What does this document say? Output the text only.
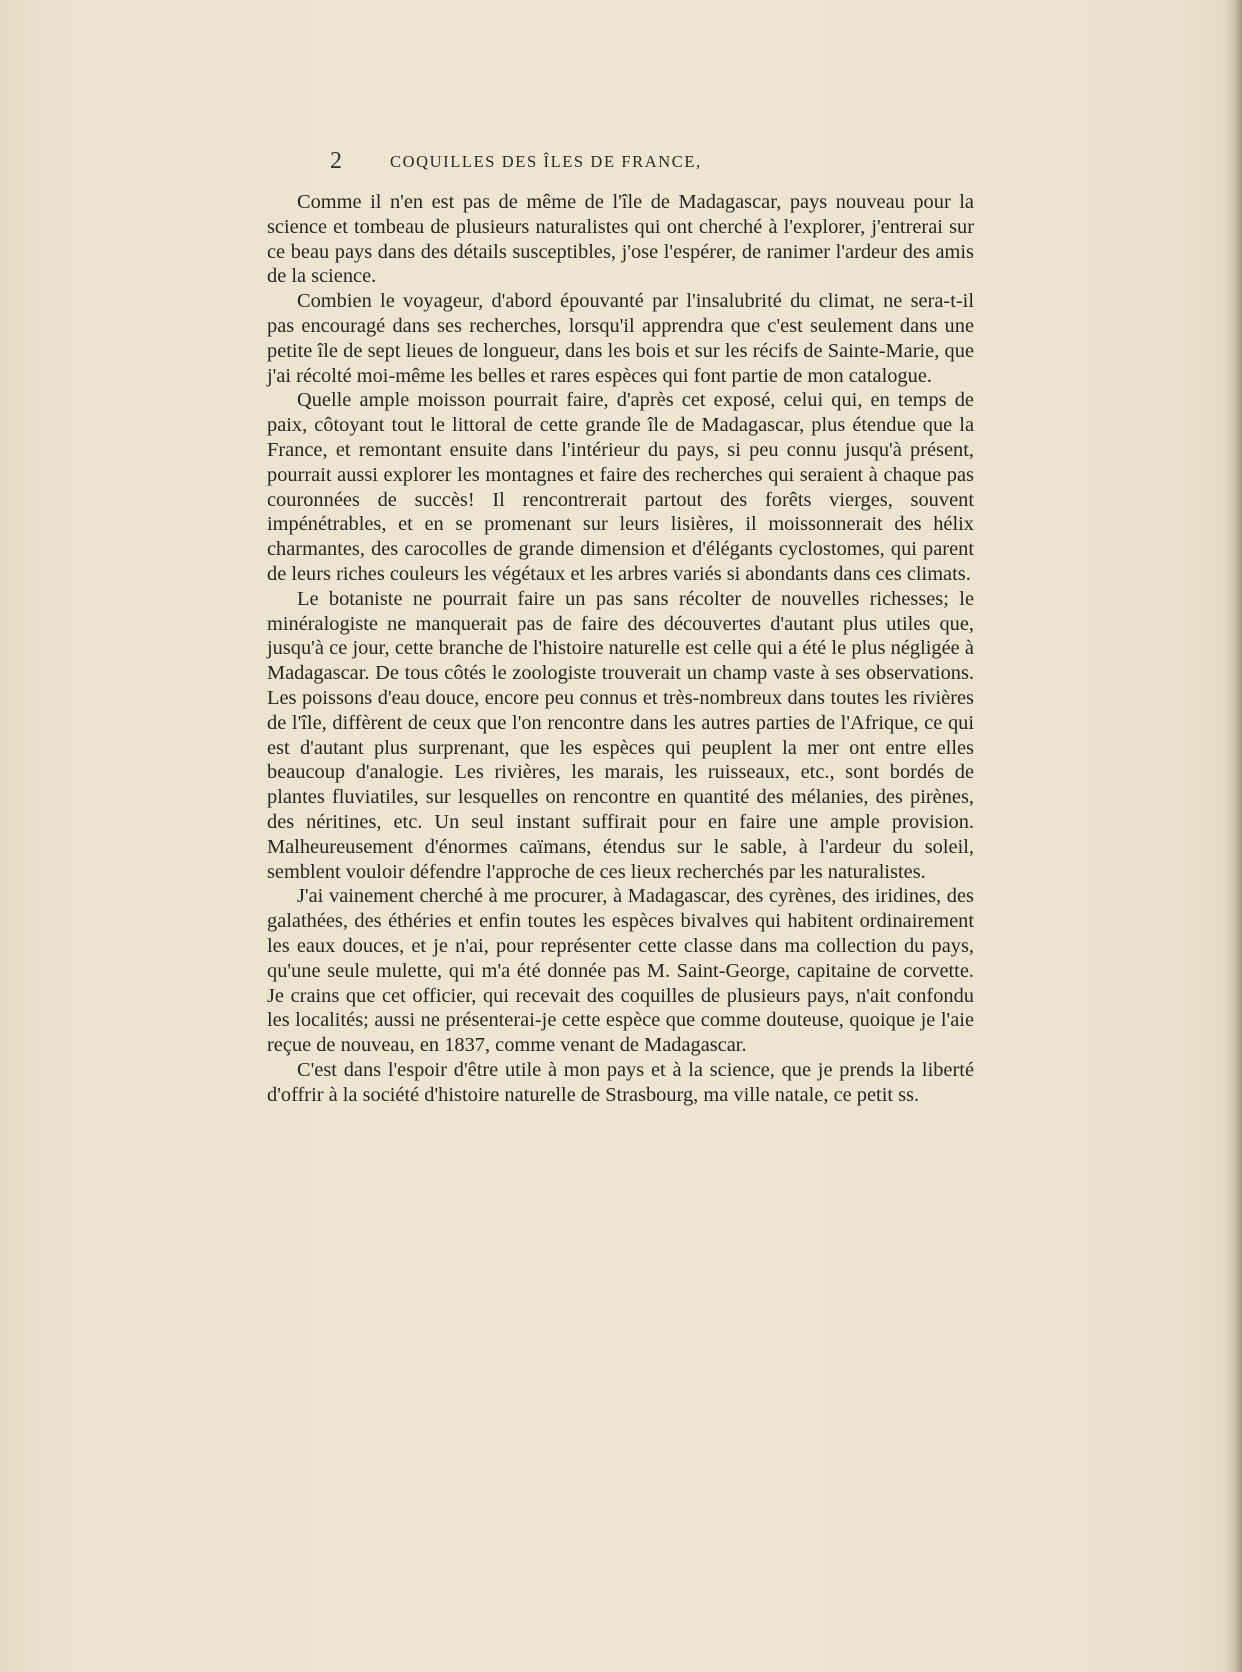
2	COQUILLES DES ÎLES DE FRANCE,

Comme il n'en est pas de même de l'île de Madagascar, pays nouveau pour la science et tombeau de plusieurs naturalistes qui ont cherché à l'explorer, j'entrerai sur ce beau pays dans des détails susceptibles, j'ose l'espérer, de ranimer l'ardeur des amis de la science.

Combien le voyageur, d'abord épouvanté par l'insalubrité du climat, ne sera-t-il pas encouragé dans ses recherches, lorsqu'il apprendra que c'est seulement dans une petite île de sept lieues de longueur, dans les bois et sur les récifs de Sainte-Marie, que j'ai récolté moi-même les belles et rares espèces qui font partie de mon catalogue.

Quelle ample moisson pourrait faire, d'après cet exposé, celui qui, en temps de paix, côtoyant tout le littoral de cette grande île de Madagascar, plus étendue que la France, et remontant ensuite dans l'intérieur du pays, si peu connu jusqu'à présent, pourrait aussi explorer les montagnes et faire des recherches qui seraient à chaque pas couronnées de succès! Il rencontrerait partout des forêts vierges, souvent impénétrables, et en se promenant sur leurs lisières, il moissonnerait des hélix charmantes, des carocolles de grande dimension et d'élégants cyclostomes, qui parent de leurs riches couleurs les végétaux et les arbres variés si abondants dans ces climats.

Le botaniste ne pourrait faire un pas sans récolter de nouvelles richesses; le minéralogiste ne manquerait pas de faire des découvertes d'autant plus utiles que, jusqu'à ce jour, cette branche de l'histoire naturelle est celle qui a été le plus négligée à Madagascar. De tous côtés le zoologiste trouverait un champ vaste à ses observations. Les poissons d'eau douce, encore peu connus et très-nombreux dans toutes les rivières de l'île, diffèrent de ceux que l'on rencontre dans les autres parties de l'Afrique, ce qui est d'autant plus surprenant, que les espèces qui peuplent la mer ont entre elles beaucoup d'analogie. Les rivières, les marais, les ruisseaux, etc., sont bordés de plantes fluviatiles, sur lesquelles on rencontre en quantité des mélanies, des pirènes, des néritines, etc. Un seul instant suffirait pour en faire une ample provision. Malheureusement d'énormes caïmans, étendus sur le sable, à l'ardeur du soleil, semblent vouloir défendre l'approche de ces lieux recherchés par les naturalistes.

J'ai vainement cherché à me procurer, à Madagascar, des cyrènes, des iridines, des galathées, des éthéries et enfin toutes les espèces bivalves qui habitent ordinairement les eaux douces, et je n'ai, pour représenter cette classe dans ma collection du pays, qu'une seule mulette, qui m'a été donnée pas M. Saint-George, capitaine de corvette. Je crains que cet officier, qui recevait des coquilles de plusieurs pays, n'ait confondu les localités; aussi ne présenterai-je cette espèce que comme douteuse, quoique je l'aie reçue de nouveau, en 1837, comme venant de Madagascar.

C'est dans l'espoir d'être utile à mon pays et à la science, que je prends la liberté d'offrir à la société d'histoire naturelle de Strasbourg, ma ville natale, ce petit ss.
